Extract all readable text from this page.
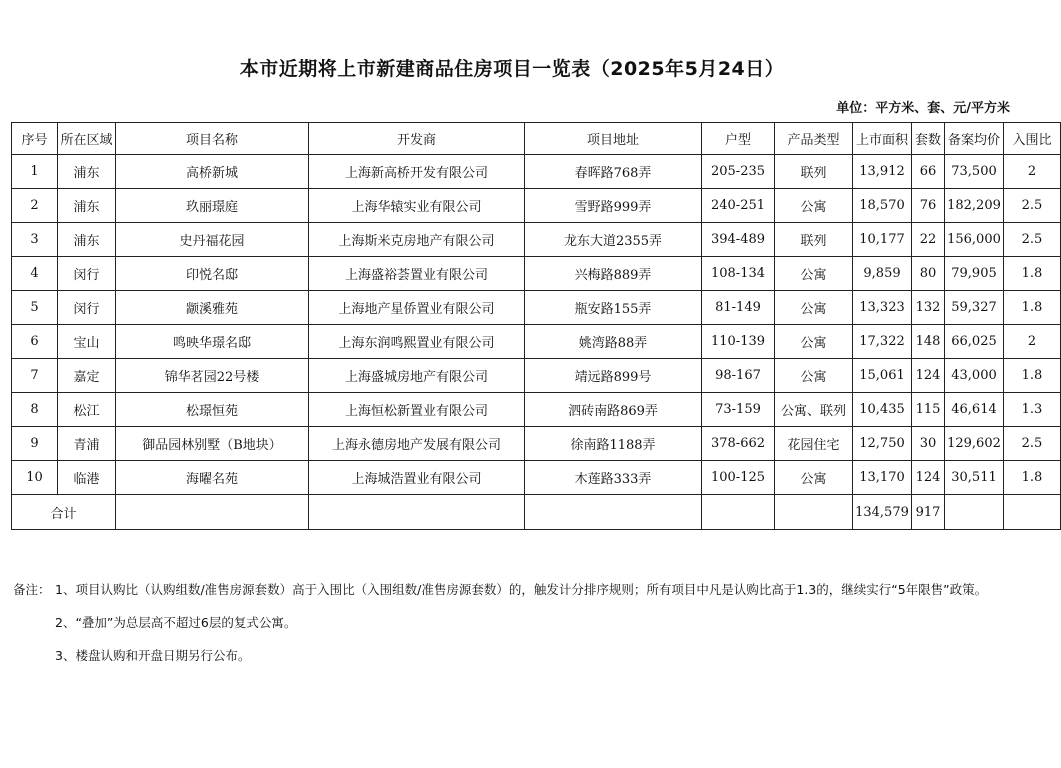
本市近期将上市新建商品住房项目一览表（2025年5月24日）
单位：平方米、套、元/平方米
序号	所在区域	项目名称	开发商	项目地址	户型	产品类型	上市面积	套数	备案均价	入围比
1	浦东	高桥新城	上海新高桥开发有限公司	春晖路768弄	205-235	联列	13,912	66	73,500	2
2	浦东	玖丽璟庭	上海华辕实业有限公司	雪野路999弄	240-251	公寓	18,570	76	182,209	2.5
3	浦东	史丹福花园	上海斯米克房地产有限公司	龙东大道2355弄	394-489	联列	10,177	22	156,000	2.5
4	闵行	印悦名邸	上海盛裕荟置业有限公司	兴梅路889弄	108-134	公寓	9,859	80	79,905	1.8
5	闵行	颛溪雅苑	上海地产星侨置业有限公司	瓶安路155弄	81-149	公寓	13,323	132	59,327	1.8
6	宝山	鸣映华璟名邸	上海东润鸣熙置业有限公司	姚湾路88弄	110-139	公寓	17,322	148	66,025	2
7	嘉定	锦华茗园22号楼	上海盛城房地产有限公司	靖远路899号	98-167	公寓	15,061	124	43,000	1.8
8	松江	松璟恒苑	上海恒松新置业有限公司	泗砖南路869弄	73-159	公寓、联列	10,435	115	46,614	1.3
9	青浦	御品园林别墅（B地块）	上海永德房地产发展有限公司	徐南路1188弄	378-662	花园住宅	12,750	30	129,602	2.5
10	临港	海曜名苑	上海城浩置业有限公司	木莲路333弄	100-125	公寓	13,170	124	30,511	1.8
合计							134,579	917		
备注： 1、项目认购比（认购组数/准售房源套数）高于入围比（入围组数/准售房源套数）的，触发计分排序规则；所有项目中凡是认购比高于1.3的，继续实行“5年限售”政策。
2、“叠加”为总层高不超过6层的复式公寓。
3、楼盘认购和开盘日期另行公布。
